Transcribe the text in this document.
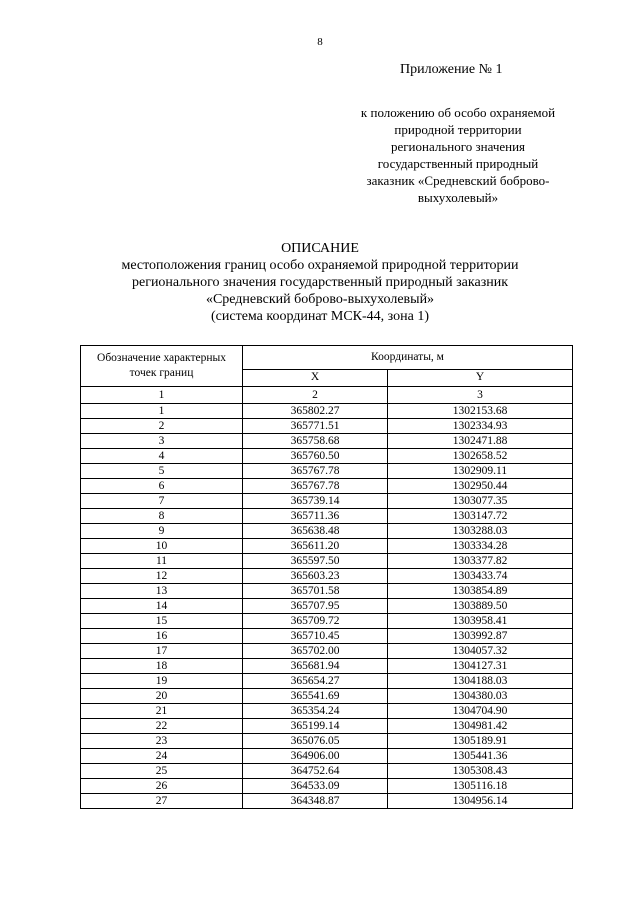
8
Приложение № 1
к положению об особо охраняемой
природной территории
регионального значения
государственный природный
заказник «Средневский боброво-
выхухолевый»
ОПИСАНИЕ
местоположения границ особо охраняемой природной территории
регионального значения государственный природный заказник
«Средневский боброво-выхухолевый»
(система координат МСК-44, зона 1)
Обозначение характерных точек границ	Координаты, м	
	X	Y
1	2	3
1	365802.27	1302153.68
2	365771.51	1302334.93
3	365758.68	1302471.88
4	365760.50	1302658.52
5	365767.78	1302909.11
6	365767.78	1302950.44
7	365739.14	1303077.35
8	365711.36	1303147.72
9	365638.48	1303288.03
10	365611.20	1303334.28
11	365597.50	1303377.82
12	365603.23	1303433.74
13	365701.58	1303854.89
14	365707.95	1303889.50
15	365709.72	1303958.41
16	365710.45	1303992.87
17	365702.00	1304057.32
18	365681.94	1304127.31
19	365654.27	1304188.03
20	365541.69	1304380.03
21	365354.24	1304704.90
22	365199.14	1304981.42
23	365076.05	1305189.91
24	364906.00	1305441.36
25	364752.64	1305308.43
26	364533.09	1305116.18
27	364348.87	1304956.14
